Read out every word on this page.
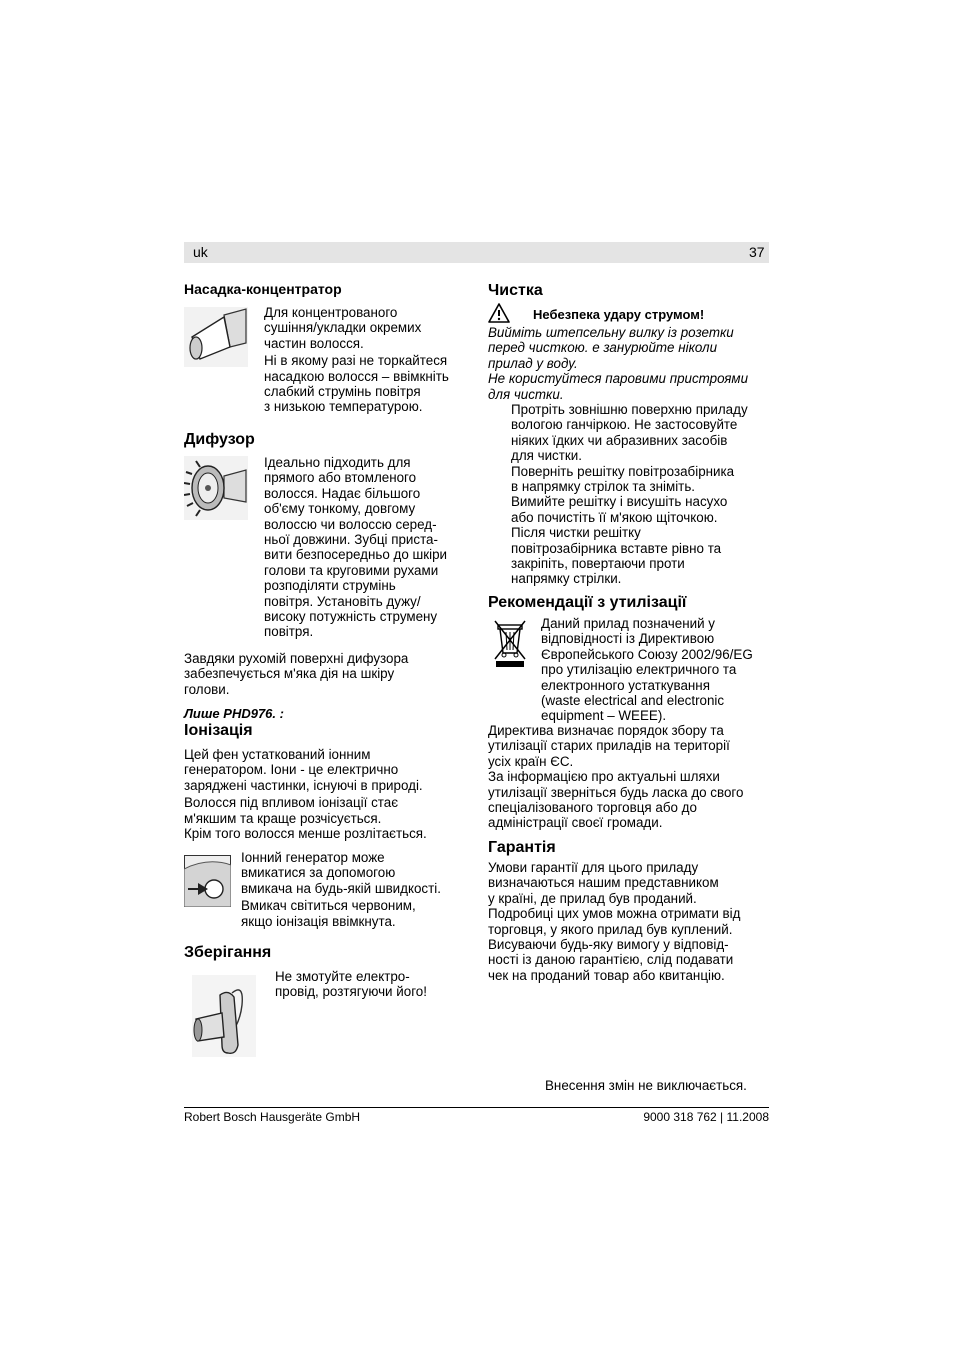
uk	37
Насадка-концентратор
Для концентрованого
сушіння/укладки окремих
частин волосся.
Ні в якому разі не торкайтеся
насадкою волосся – ввімкніть
слабкий струмінь повітря
з низькою температурою.
Дифузор
Ідеально підходить для
прямого або втомленого
волосся. Надає більшого
об'єму тонкому, довгому
волоссю чи волоссю серед-
ньої довжини. Зубці приста-
вити безпосередньо до шкіри
голови та круговими рухами
розподіляти струмінь
повітря. Установіть дужу/
високу потужність струмену
повітря.
Завдяки рухомій поверхні дифузора
забезпечується м'яка дія на шкіру
голови.
Лише PHD976. :
Іонізація
Цей фен устаткований іонним
генератором. Іони - це електрично
заряджені частинки, існуючі в природі.
Волосся під впливом іонізації стає
м'якшим та краще розчісується.
Крім того волосся менше розлітається.
Іонний генератор може
вмикатися за допомогою
вмикача на будь-якій швидкості.
Вмикач світиться червоним,
якщо іонізація ввімкнута.
Зберігання
Не змотуйте електро-
провід, розтягуючи його!
Чистка
Небезпека удару струмом!
Вийміть штепсельну вилку із розетки
перед чисткою. е занурюйте ніколи
прилад у воду.
Не користуйтеся паровими пристроями
для чистки.
Протріть зовнішню поверхню приладу
вологою ганчіркою. Не застосовуйте
ніяких їдких чи абразивних засобів
для чистки.
Поверніть решітку повітрозабірника
в напрямку стрілок та зніміть.
Вимийте решітку і висушіть насухо
або почистіть її м'якою щіточкою.
Після чистки решітку
повітрозабірника вставте рівно та
закріпіть, повертаючи проти
напрямку стрілки.
Рекомендації з утилізації
Даний прилад позначений у
відповідності із Директивою
Європейського Союзу 2002/96/EG
про утилізацію електричного та
електронного устаткування
(waste electrical and electronic
equipment – WEEE).
Директива визначає порядок збору та
утилізації старих приладів на території
усіх країн ЄС.
За інформацією про актуальні шляхи
утилізації зверніться будь ласка до свого
спеціалізованого торговця або до
адміністрації своєї громади.
Гарантія
Умови гарантії для цього приладу
визначаються нашим представником
у країні, де прилад був проданий.
Подробиці цих умов можна отримати від
торговця, у якого прилад був куплений.
Висуваючи будь-яку вимогу у відповід-
ності із даною гарантією, слід подавати
чек на проданий товар або квитанцію.
Внесення змін не виключається.
Robert Bosch Hausgeräte GmbH	9000 318 762 | 11.2008
